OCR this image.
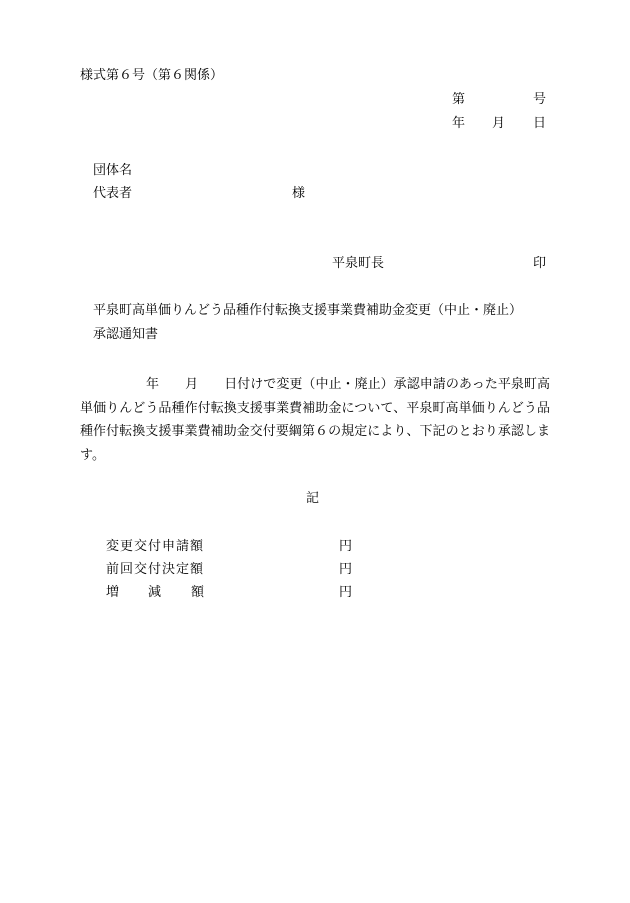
様式第６号（第６関係）
第	号
年 月 日
団体名
代表者	様
平泉町長	印
平泉町高単価りんどう品種作付転換支援事業費補助金変更（中止・廃止）
承認通知書
年 月 日付けで変更（中止・廃止）承認申請のあった平泉町高単価りんどう品種作付転換支援事業費補助金について、平泉町高単価りんどう品種作付転換支援事業費補助金交付要綱第６の規定により、下記のとおり承認します。
記
変更交付申請額	円
前回交付決定額	円
増 減 額	円
